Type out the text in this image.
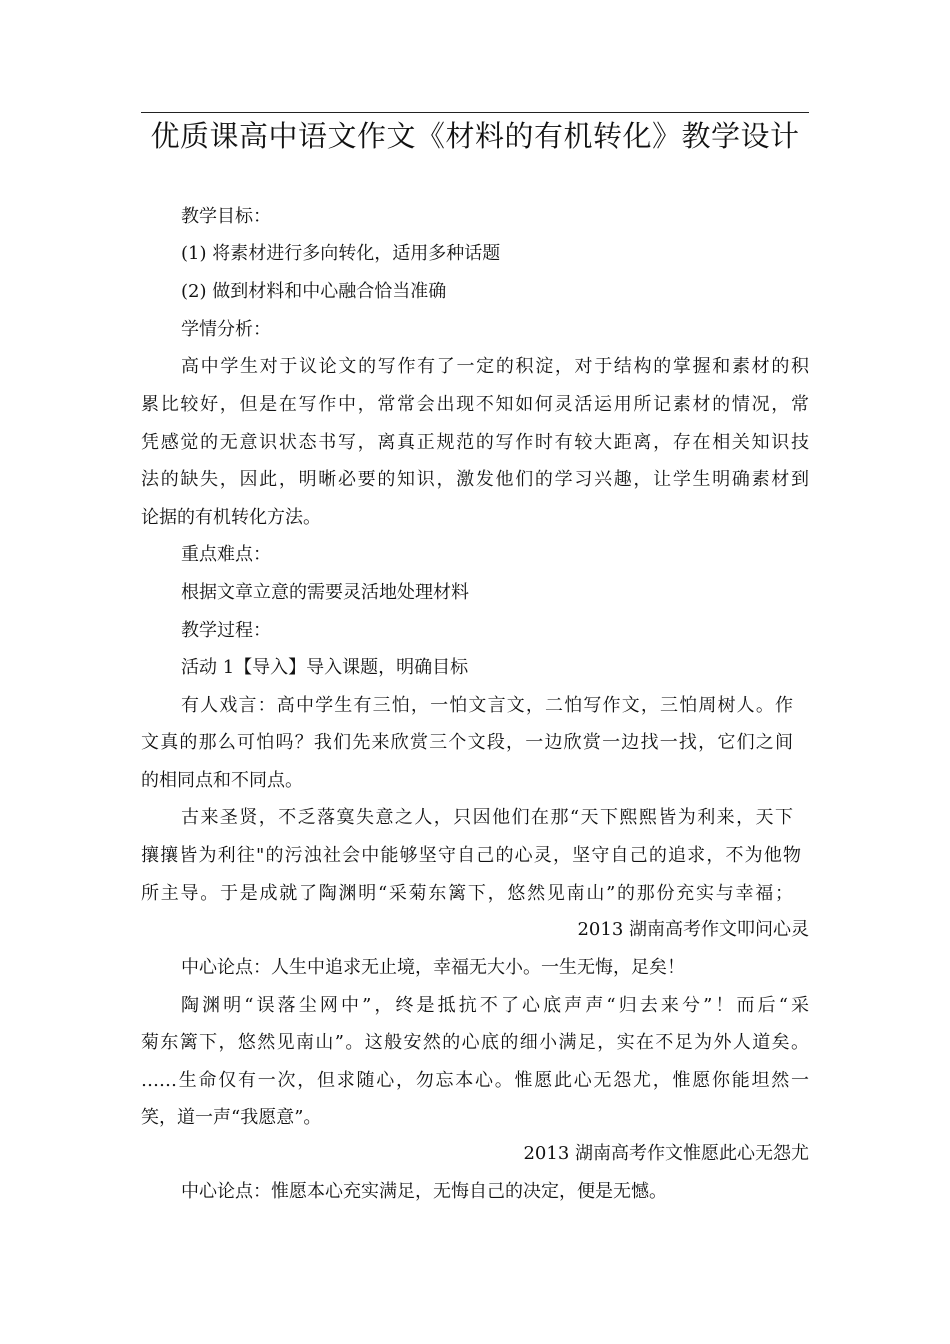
优质课高中语文作文《材料的有机转化》教学设计
教学目标：
(1) 将素材进行多向转化，适用多种话题
(2) 做到材料和中心融合恰当准确
学情分析：
高中学生对于议论文的写作有了一定的积淀，对于结构的掌握和素材的积
累比较好，但是在写作中，常常会出现不知如何灵活运用所记素材的情况，常
凭感觉的无意识状态书写，离真正规范的写作时有较大距离，存在相关知识技
法的缺失，因此，明晰必要的知识，激发他们的学习兴趣，让学生明确素材到
论据的有机转化方法。
重点难点：
根据文章立意的需要灵活地处理材料
教学过程：
活动 1【导入】导入课题，明确目标
有人戏言：高中学生有三怕，一怕文言文，二怕写作文，三怕周树人。作
文真的那么可怕吗？我们先来欣赏三个文段，一边欣赏一边找一找，它们之间
的相同点和不同点。
古来圣贤，不乏落寞失意之人，只因他们在那“天下熙熙皆为利来，天下
攘攘皆为利往"的污浊社会中能够坚守自己的心灵，坚守自己的追求，不为他物
所主导。于是成就了陶渊明“采菊东篱下，悠然见南山”的那份充实与幸福；
2013 湖南高考作文叩问心灵
中心论点：人生中追求无止境，幸福无大小。一生无悔，足矣！
陶渊明“误落尘网中”，终是抵抗不了心底声声“归去来兮”！而后“采
菊东篱下，悠然见南山”。这般安然的心底的细小满足，实在不足为外人道矣。
……生命仅有一次，但求随心，勿忘本心。惟愿此心无怨尤，惟愿你能坦然一
笑，道一声“我愿意”。
2013 湖南高考作文惟愿此心无怨尤
中心论点：惟愿本心充实满足，无悔自己的决定，便是无憾。
